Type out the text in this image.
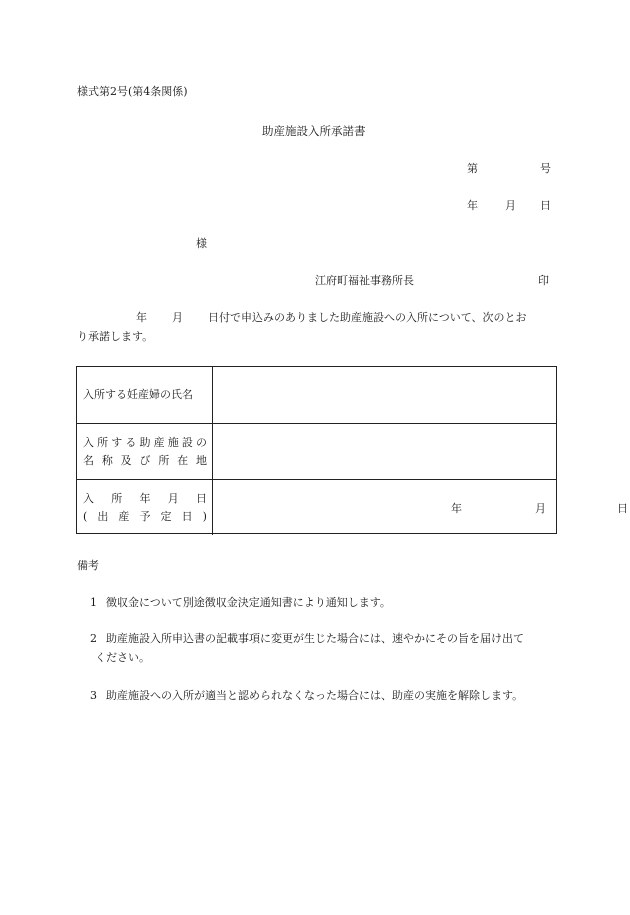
様式第2号(第4条関係)
助産施設入所承諾書
第	号
年 月 日
様
江府町福祉事務所長	印
年 月 日付で申込みのありました助産施設への入所について、次のとお
り承諾します。
入所する妊産婦の氏名
入 所 す る 助 産 施 設 の
名 称 及 び 所 在 地
入 所 年 月 日
( 出 産 予 定 日 )
年	月	日
備考
1 徴収金について別途徴収金決定通知書により通知します。
2 助産施設入所申込書の記載事項に変更が生じた場合には、速やかにその旨を届け出て
ください。
3 助産施設への入所が適当と認められなくなった場合には、助産の実施を解除します。
